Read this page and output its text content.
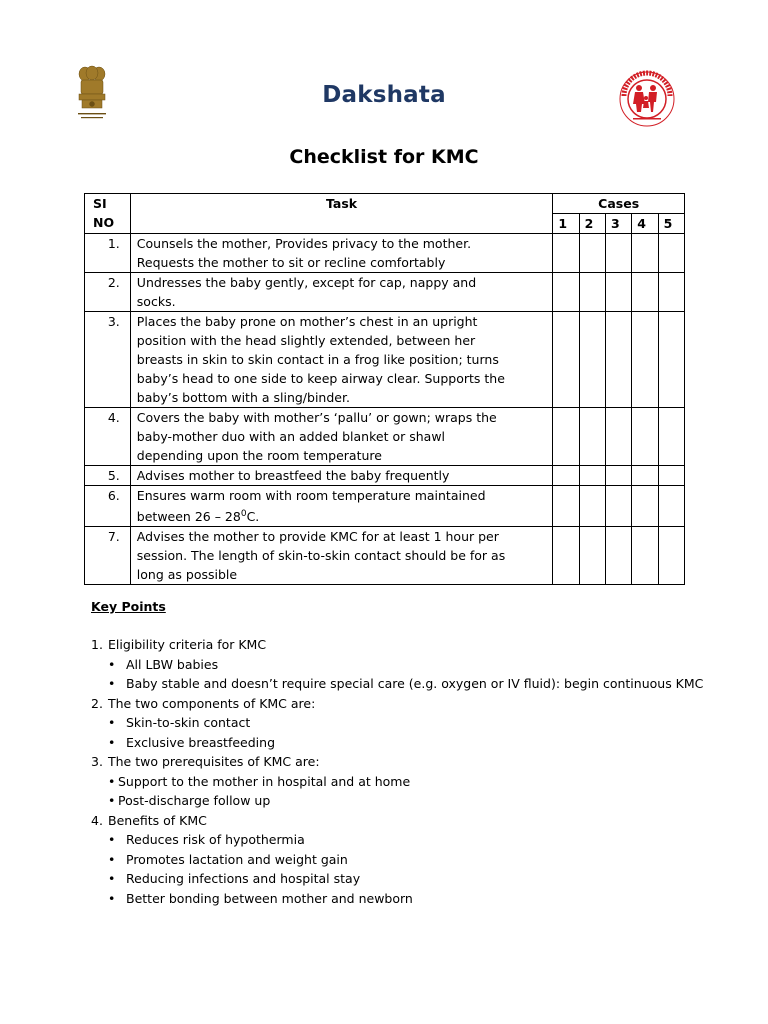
Dakshata
Checklist for KMC
SI NO	Task	Cases				
		1	2	3	4	5
1.	Counsels the mother, Provides privacy to the mother.
Requests the mother to sit or recline comfortably					

2.	Undresses the baby gently, except for cap, nappy and
socks.					

3.	Places the baby prone on mother’s chest in an upright
position with the head slightly extended, between her
breasts in skin to skin contact in a frog like position; turns
baby’s head to one side to keep airway clear. Supports the
baby’s bottom with a sling/binder.					

4.	Covers the baby with mother’s ‘pallu’ or gown; wraps the
baby-mother duo with an added blanket or shawl
depending upon the room temperature					

5.	Advises mother to breastfeed the baby frequently					

6.	Ensures warm room with room temperature maintained
between $26 - 28^0C$.					

7.	Advises the mother to provide KMC for at least 1 hour per
session. The length of skin-to-skin contact should be for as
long as possible					

Key Points
1. Eligibility criteria for KMC
• All LBW babies
• Baby stable and doesn’t require special care (e.g. oxygen or IV fluid): begin continuous KMC
2. The two components of KMC are:
• Skin-to-skin contact
• Exclusive breastfeeding
3. The two prerequisites of KMC are:
• Support to the mother in hospital and at home
• Post-discharge follow up
4. Benefits of KMC
• Reduces risk of hypothermia
• Promotes lactation and weight gain
• Reducing infections and hospital stay
• Better bonding between mother and newborn
